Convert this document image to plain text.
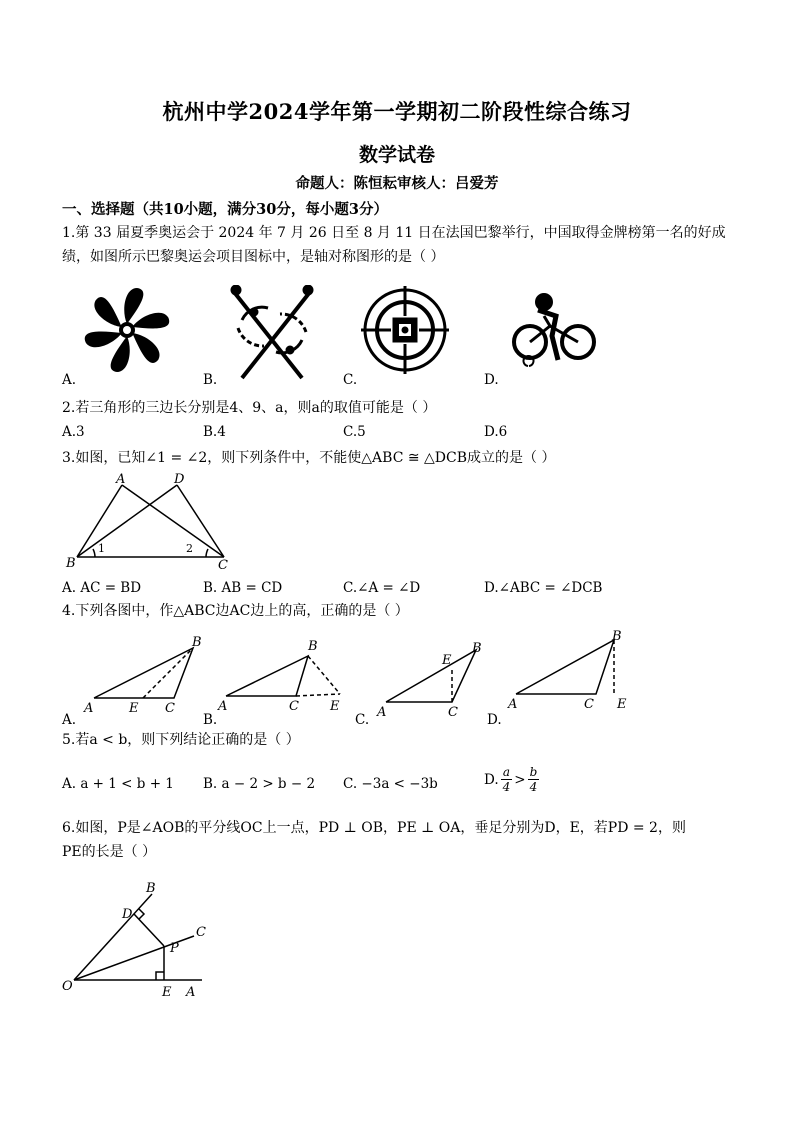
杭州中学2024学年第一学期初二阶段性综合练习
数学试卷
命题人：陈恒耘审核人：吕爱芳
一、选择题（共10小题，满分30分，每小题3分）
1.第 33 届夏季奥运会于 2024 年 7 月 26 日至 8 月 11 日在法国巴黎举行，中国取得金牌榜第一名的好成
绩，如图所示巴黎奥运会项目图标中，是轴对称图形的是（ ）
A.	B.	C.	D.
2.若三角形的三边长分别是4、9、a，则a的取值可能是（ ）
A.3	B.4	C.5	D.6
3.如图，已知∠1 = ∠2，则下列条件中，不能使△ABC ≅ △DCB成立的是（ ）
A	D
B	C
1	2
A. AC = BD	B. AB = CD	C.∠A = ∠D	D.∠ABC = ∠DCB
4.下列各图中，作△ABC边AC边上的高，正确的是（ ）
A	E C
B
A	C E
B
A	C
E
B
A	C E
B
A.	B.	C.	D.
5.若a < b，则下列结论正确的是（ ）
A. a + 1 < b + 1 B. a − 2 > b − 2 C. −3a < −3b	D. a
4 > b
4
6.如图，P是∠AOB的平分线OC上一点，PD ⊥ OB，PE ⊥ OA，垂足分别为D，E，若PD = 2，则
PE的长是（ ）
B
D
C
P
O	E A
